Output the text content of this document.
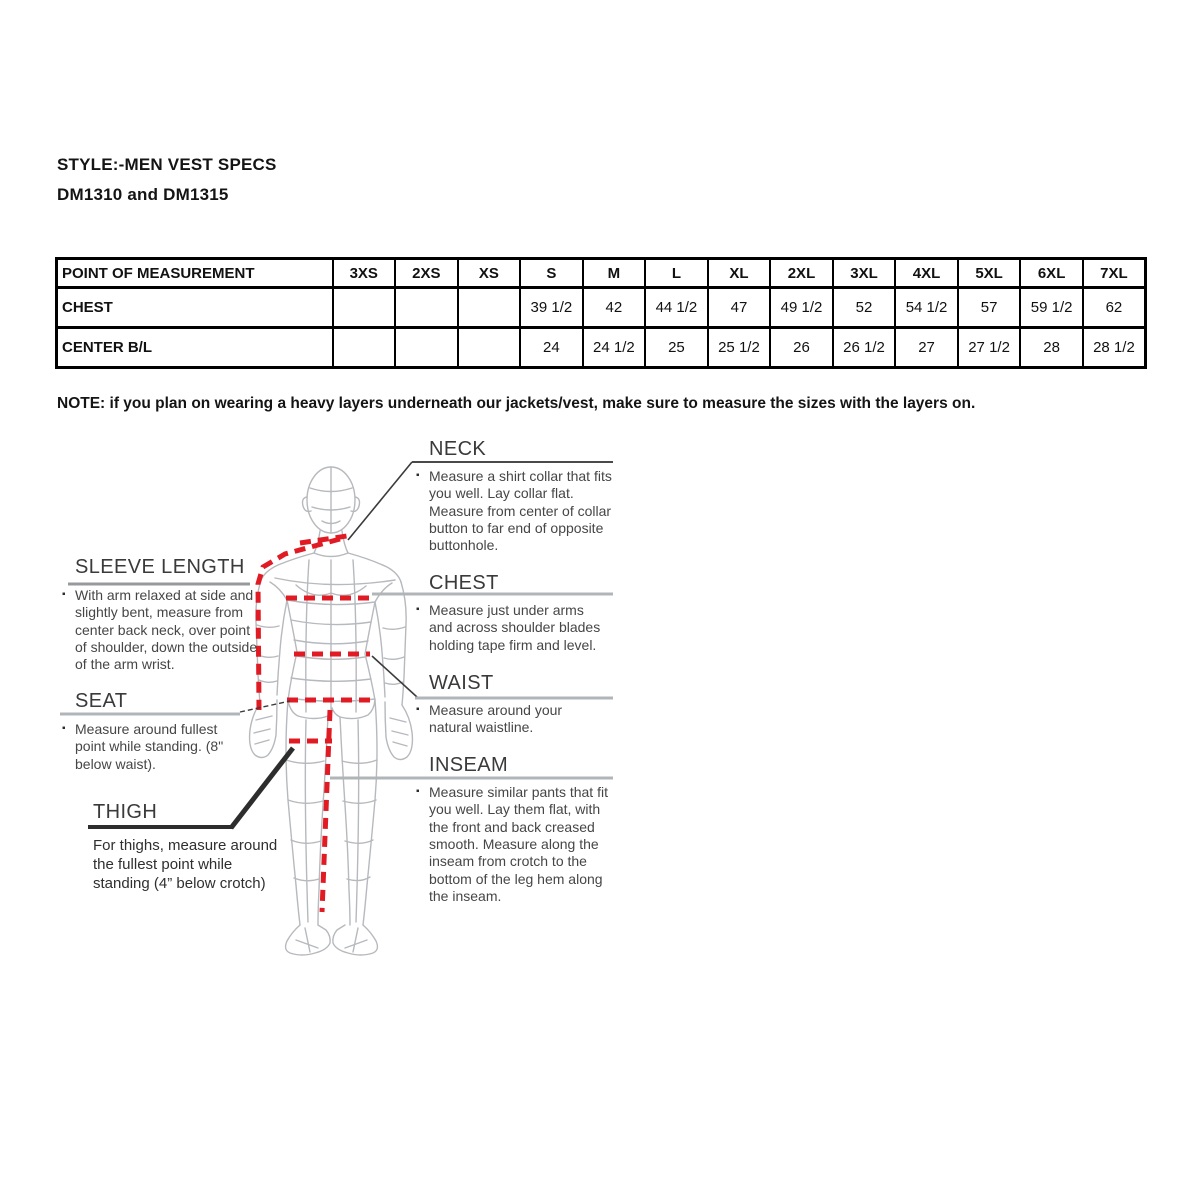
STYLE:-MEN VEST SPECS
DM1310 and DM1315
POINT OF MEASUREMENT	3XS	2XS	XS	S	M	L	XL	2XL	3XL	4XL	5XL	6XL	7XL
CHEST				39 1/2	42	44 1/2	47	49 1/2	52	54 1/2	57	59 1/2	62
CENTER B/L				24	24 1/2	25	25 1/2	26	26 1/2	27	27 1/2	28	28 1/2
NOTE: if you plan on wearing a heavy layers underneath our jackets/vest, make sure to measure the sizes with the layers on.
NECK
▪ Measure a shirt collar that fits you well. Lay collar flat. Measure from center of collar button to far end of opposite buttonhole.
SLEEVE LENGTH
▪ With arm relaxed at side and slightly bent, measure from center back neck, over point of shoulder, down the outside of the arm wrist.
CHEST
▪ Measure just under arms and across shoulder blades holding tape firm and level.
WAIST
▪ Measure around your natural waistline.
SEAT
▪ Measure around fullest point while standing. (8" below waist).	INSEAM
▪ Measure similar pants that fit you well. Lay them flat, with the front and back creased smooth. Measure along the inseam from crotch to the bottom of the leg hem along the inseam.
THIGH
For thighs, measure around the fullest point while standing (4” below crotch)
